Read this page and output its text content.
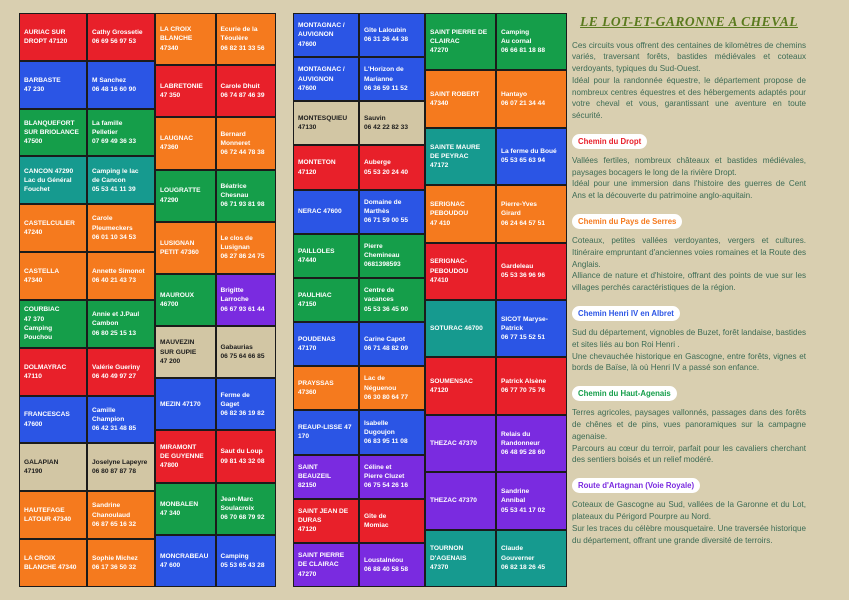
AURIAC SUR
DROPT 47120
Cathy Grossetie
06 69 56 97 53
BARBASTE
47 230
M Sanchez
06 48 16 60 90
BLANQUEFORT
SUR BRIOLANCE
47500
La famille
Pelletier
07 69 49 36 33
CANCON 47290
Lac du Général
Fouchet
Camping le lac
de Cancon
05 53 41 11 39
CASTELCULIER
47240
Carole
Pleumeckers
06 01 10 34 53
CASTELLA
47340
Annette Simonot
06 40 21 43 73
COURBIAC
47 370
Camping
Pouchou
Annie et J.Paul
Cambon
06 80 25 15 13
DOLMAYRAC
47110
Valérie Gueriny
06 40 49 97 27
FRANCESCAS
47600
Camille
Champion
06 42 31 48 85
GALAPIAN
47190
Joselyne Lapeyre
06 80 87 87 78
HAUTEFAGE
LATOUR 47340
Sandrine
Chanoulaud
06 87 65 16 32
LA CROIX
BLANCHE 47340
Sophie Michez
06 17 36 50 32
LA CROIX
BLANCHE
47340
Ecurie de la
Téoulère
06 82 31 33 56
LABRETONIE
47 350
Carole Dhuit
06 74 87 46 39
LAUGNAC
47360
Bernard
Monneret
06 72 44 78 38
LOUGRATTE
47290
Béatrice
Chesnau
06 71 93 81 98
LUSIGNAN
PETIT 47360
Le clos de
Lusignan
06 27 86 24 75
MAUROUX
46700
Brigitte
Larroche
06 67 93 61 44
MAUVEZIN
SUR GUPIE
47 200
Gabaurias
06 75 64 66 85
MEZIN 47170
Ferme de
Gaget
06 82 36 19 82
MIRAMONT
DE GUYENNE
47800
Saut du Loup
09 81 43 32 08
MONBALEN
47 340
Jean-Marc
Soulacroix
06 70 68 79 92
MONCRABEAU
47 600
Camping
05 53 65 43 28
MONTAGNAC /
AUVIGNON
47600
Gîte Laloubin
06 31 26 44 38
MONTAGNAC /
AUVIGNON
47600
L'Horizon de
Marianne
06 36 59 11 52
MONTESQUIEU
47130
Sauvin
06 42 22 82 33
MONTETON
47120
Auberge
05 53 20 24 40
NERAC 47600
Domaine de
Marthès
06 71 59 00 55
PAILLOLES
47440
Pierre
Chemineau
0681398593
PAULHIAC
47150
Centre de
vacances
05 53 36 45 90
POUDENAS
47170
Carine Capot
06 71 48 82 09
PRAYSSAS
47360
Lac de
Néguenou
06 30 80 64 77
REAUP-LISSE 47
170
Isabelle
Dugoujon
06 83 95 11 08
SAINT
BEAUZEIL
82150
Céline et
Pierre Cluzet
06 75 54 26 16
SAINT JEAN DE
DURAS
47120
Gîte de
Momiac
SAINT PIERRE
DE CLAIRAC
47270
Loustalnéou
06 88 40 58 58
SAINT PIERRE DE
CLAIRAC
47270
Camping
Au cornal
06 66 81 18 88
SAINT ROBERT
47340
Hantayo
06 07 21 34 44
SAINTE MAURE
DE PEYRAC
47172
La ferme du Boué
05 53 65 63 94
SERIGNAC
PEBOUDOU
47 410
Pierre-Yves
Girard
06 24 64 57 51
SERIGNAC-
PEBOUDOU
47410
Gardeleau
05 53 36 96 96
SOTURAC 46700
SICOT Maryse-
Patrick
06 77 15 52 51
SOUMENSAC
47120
Patrick Alsène
06 77 70 75 76
THEZAC 47370
Relais du
Randonneur
06 48 95 28 60
THEZAC 47370
Sandrine
Annibal
05 53 41 17 02
TOURNON
D'AGENAIS
47370
Claude
Gouverner
06 82 18 26 45
LE LOT-ET-GARONNE A CHEVAL

Ces circuits vous offrent des centaines de kilomètres de chemins variés, traversant forêts, bastides médiévales et coteaux verdoyants, typiques du Sud-Ouest.
Idéal pour la randonnée équestre, le département propose de nombreux centres équestres et des hébergements adaptés pour votre cheval et vous, garantissant une aventure en toute sécurité.

Chemin du Dropt

Vallées fertiles, nombreux châteaux et bastides médiévales, paysages bocagers le long de la rivière Dropt.
Idéal pour une immersion dans l'histoire des guerres de Cent Ans et la découverte du patrimoine anglo-aquitain.

Chemin du Pays de Serres

Coteaux, petites vallées verdoyantes, vergers et cultures. Itinéraire empruntant d'anciennes voies romaines et la Route des Anglais.
Alliance de nature et d'histoire, offrant des points de vue sur les villages perchés caractéristiques de la région.

Chemin Henri IV en Albret

Sud du département, vignobles de Buzet, forêt landaise, bastides et sites liés au bon Roi Henri .
Une chevauchée historique en Gascogne, entre forêts, vignes et bords de Baïse, là où Henri IV a passé son enfance.

Chemin du Haut-Agenais

Terres agricoles, paysages vallonnés, passages dans des forêts de chênes et de pins, vues panoramiques sur la campagne agenaise.
Parcours au cœur du terroir, parfait pour les cavaliers cherchant des sentiers boisés et un relief modéré.

Route d'Artagnan (Voie Royale)

Coteaux de Gascogne au Sud, vallées de la Garonne et du Lot, plateaux du Périgord Pourpre au Nord.
Sur les traces du célèbre mousquetaire. Une traversée historique du département, offrant une grande diversité de terroirs.
